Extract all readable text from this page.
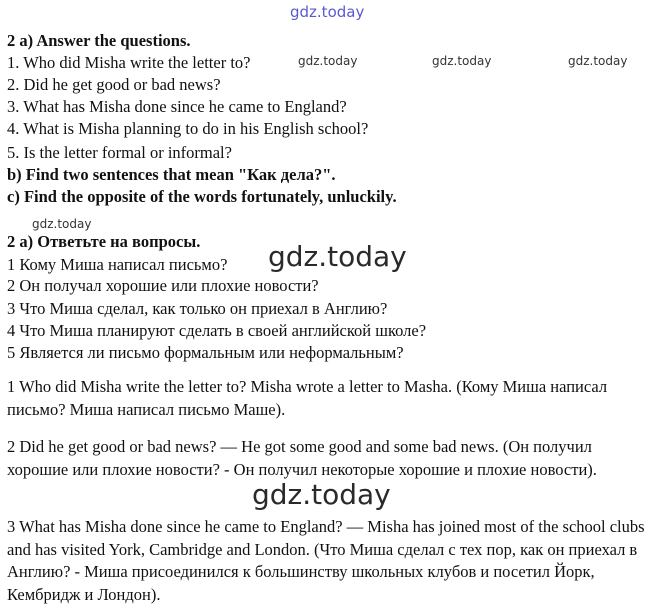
gdz.today
2 a) Answer the questions.
1. Who did Misha write the letter to?	gdz.today	gdz.today	gdz.today
2. Did he get good or bad news?
3. What has Misha done since he came to England?
4. What is Misha planning to do in his English school?
5. Is the letter formal or informal?
b) Find two sentences that mean "Как дела?".
c) Find the opposite of the words fortunately, unluckily.
gdz.today
2 а) Ответьте на вопросы.
1 Кому Миша написал письмо? gdz.today
2 Он получал хорошие или плохие новости?
3 Что Миша сделал, как только он приехал в Англию?
4 Что Миша планируют сделать в своей английской школе?
5 Является ли письмо формальным или неформальным?
1 Who did Misha write the letter to? Misha wrote a letter to Masha. (Кому Миша написал письмо? Миша написал письмо Маше).
2 Did he get good or bad news? — He got some good and some bad news. (Он получил хорошие или плохие новости? - Он получил некоторые хорошие и плохие новости).
gdz.today
3 What has Misha done since he came to England? — Misha has joined most of the school clubs and has visited York, Cambridge and London. (Что Миша сделал с тех пор, как он приехал в Англию? - Миша присоединился к большинству школьных клубов и посетил Йорк, Кембридж и Лондон).
